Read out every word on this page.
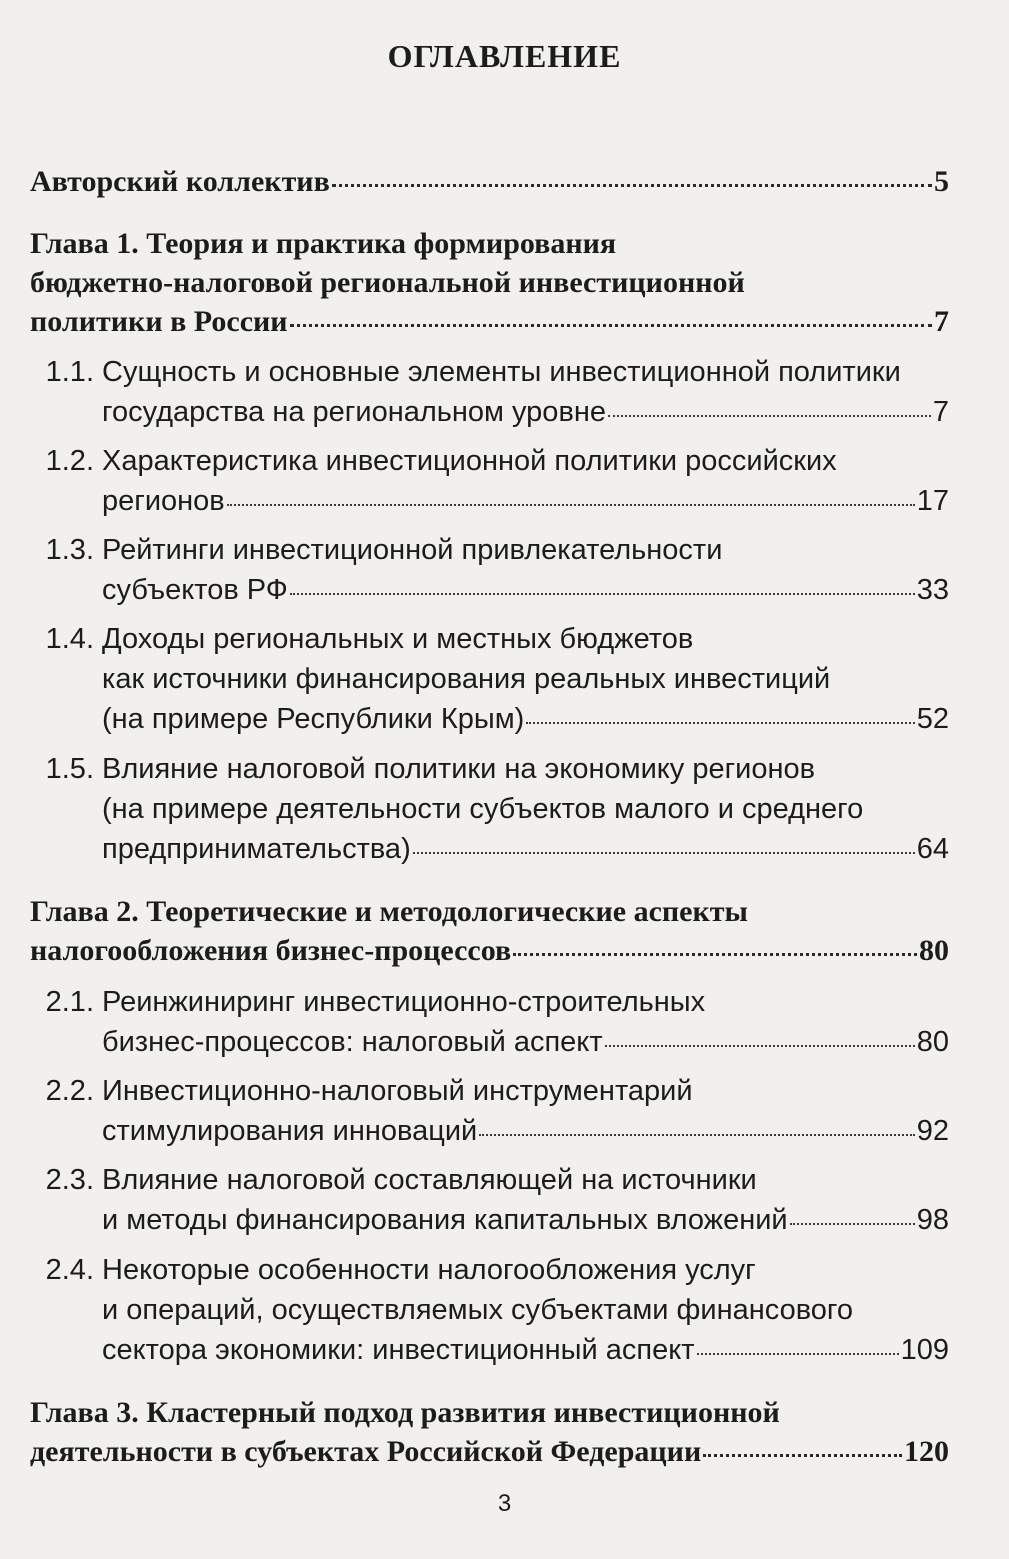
ОГЛАВЛЕНИЕ
Авторский коллектив	5
Глава 1. Теория и практика формирования
бюджетно-налоговой региональной инвестиционной
политики в России	7
1.1. Сущность и основные элементы инвестиционной политики
государства на региональном уровне	7
1.2. Характеристика инвестиционной политики российских
регионов	17
1.3. Рейтинги инвестиционной привлекательности
субъектов РФ	33
1.4. Доходы региональных и местных бюджетов
как источники финансирования реальных инвестиций
(на примере Республики Крым)	52
1.5. Влияние налоговой политики на экономику регионов
(на примере деятельности субъектов малого и среднего
предпринимательства)	64
Глава 2. Теоретические и методологические аспекты
налогообложения бизнес-процессов	80
2.1. Реинжиниринг инвестиционно-строительных
бизнес-процессов: налоговый аспект	80
2.2. Инвестиционно-налоговый инструментарий
стимулирования инноваций	92
2.3. Влияние налоговой составляющей на источники
и методы финансирования капитальных вложений	98
2.4. Некоторые особенности налогообложения услуг
и операций, осуществляемых субъектами финансового
сектора экономики: инвестиционный аспект	109
Глава 3. Кластерный подход развития инвестиционной
деятельности в субъектах Российской Федерации	120
3
